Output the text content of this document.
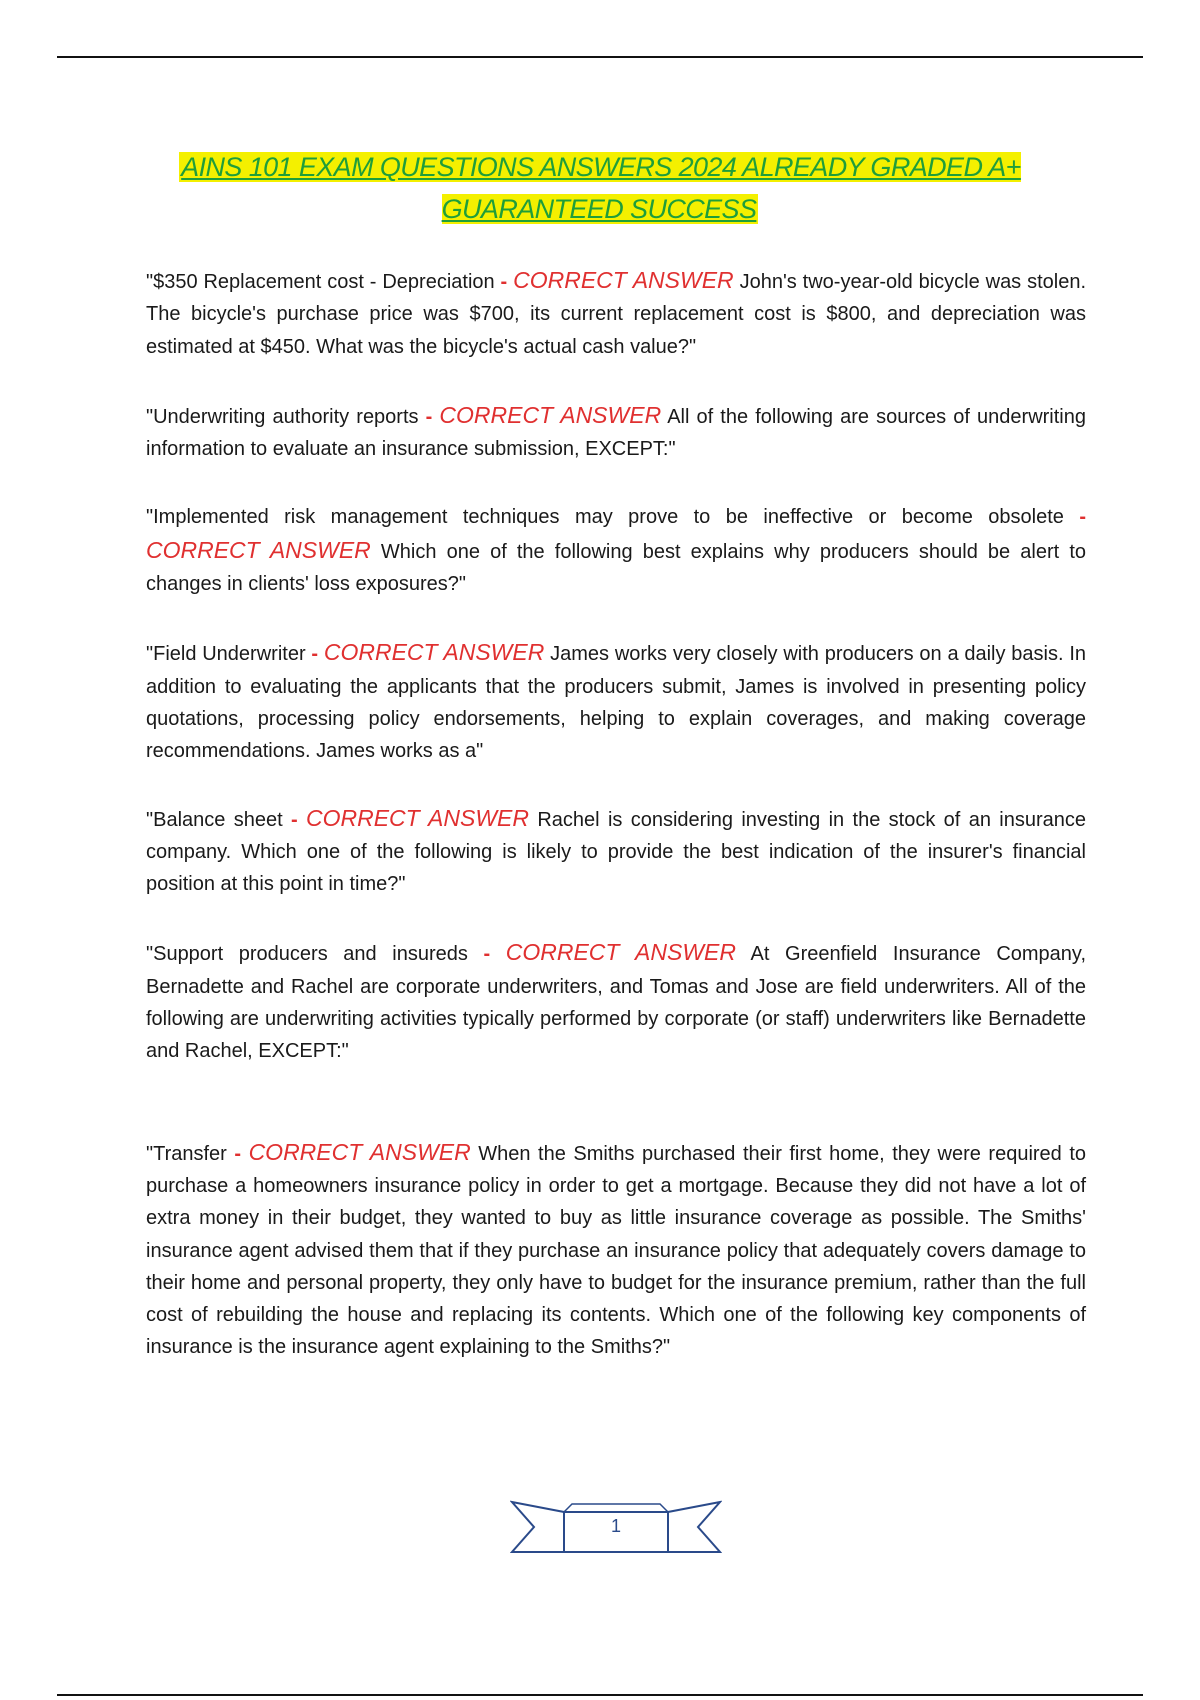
AINS 101 EXAM QUESTIONS ANSWERS 2024 ALREADY GRADED A+ GUARANTEED SUCCESS

"$350 Replacement cost - Depreciation - CORRECT ANSWER John's two-year-old bicycle was stolen. The bicycle's purchase price was $700, its current replacement cost is $800, and depreciation was estimated at $450. What was the bicycle's actual cash value?"

"Underwriting authority reports - CORRECT ANSWER All of the following are sources of underwriting information to evaluate an insurance submission, EXCEPT:"

"Implemented risk management techniques may prove to be ineffective or become obsolete - CORRECT ANSWER Which one of the following best explains why producers should be alert to changes in clients' loss exposures?"

"Field Underwriter - CORRECT ANSWER James works very closely with producers on a daily basis. In addition to evaluating the applicants that the producers submit, James is involved in presenting policy quotations, processing policy endorsements, helping to explain coverages, and making coverage recommendations. James works as a"

"Balance sheet - CORRECT ANSWER Rachel is considering investing in the stock of an insurance company. Which one of the following is likely to provide the best indication of the insurer's financial position at this point in time?"

"Support producers and insureds - CORRECT ANSWER At Greenfield Insurance Company, Bernadette and Rachel are corporate underwriters, and Tomas and Jose are field underwriters. All of the following are underwriting activities typically performed by corporate (or staff) underwriters like Bernadette and Rachel, EXCEPT:"

"Transfer - CORRECT ANSWER When the Smiths purchased their first home, they were required to purchase a homeowners insurance policy in order to get a mortgage. Because they did not have a lot of extra money in their budget, they wanted to buy as little insurance coverage as possible. The Smiths' insurance agent advised them that if they purchase an insurance policy that adequately covers damage to their home and personal property, they only have to budget for the insurance premium, rather than the full cost of rebuilding the house and replacing its contents. Which one of the following key components of insurance is the insurance agent explaining to the Smiths?"

1
